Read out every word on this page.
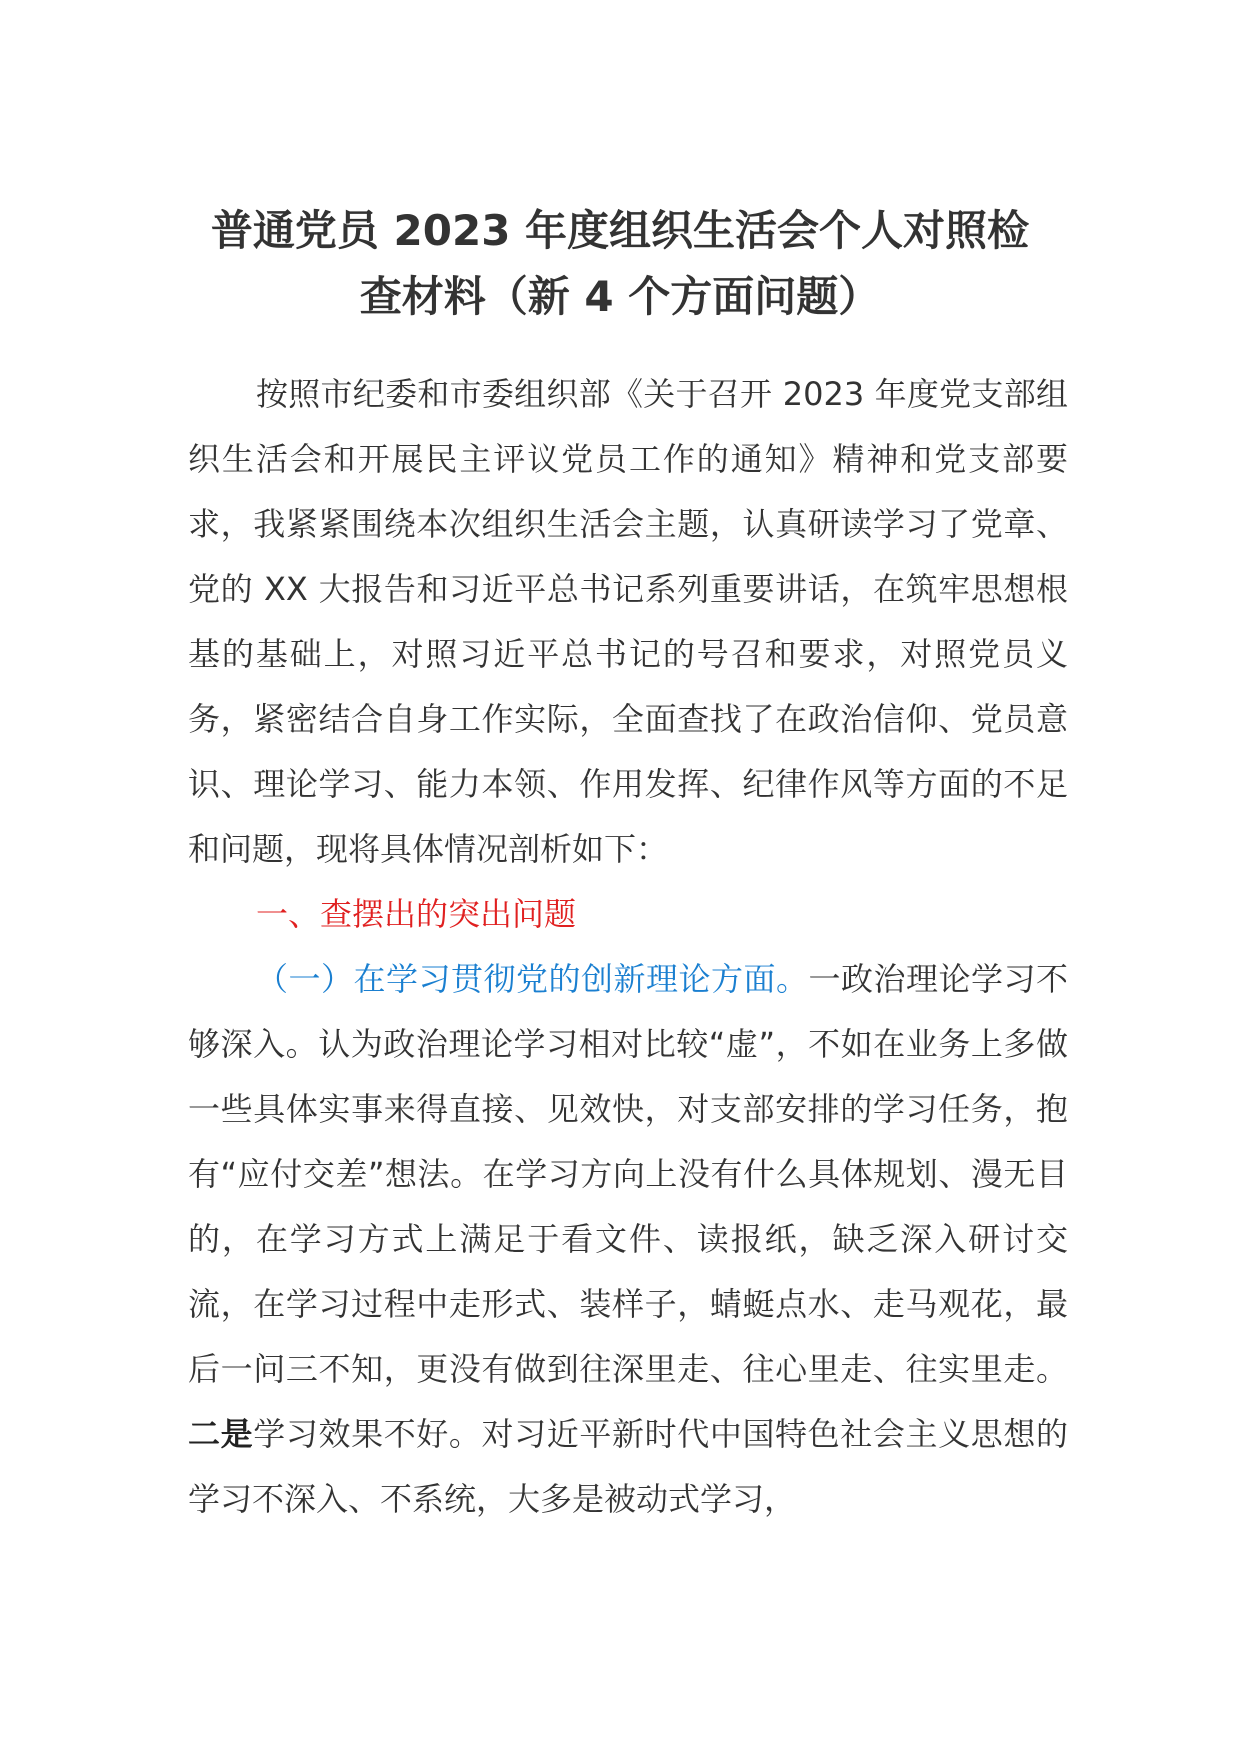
普通党员 2023 年度组织生活会个人对照检

查材料（新 4 个方面问题）

按照市纪委和市委组织部《关于召开 2023 年度党支部组织生活会和开展民主评议党员工作的通知》精神和党支部要求，我紧紧围绕本次组织生活会主题，认真研读学习了党章、党的 XX 大报告和习近平总书记系列重要讲话，在筑牢思想根基的基础上，对照习近平总书记的号召和要求，对照党员义务，紧密结合自身工作实际，全面查找了在政治信仰、党员意识、理论学习、能力本领、作用发挥、纪律作风等方面的不足和问题，现将具体情况剖析如下：

一、查摆出的突出问题

（一）在学习贯彻党的创新理论方面。一政治理论学习不够深入。认为政治理论学习相对比较“虚”，不如在业务上多做一些具体实事来得直接、见效快，对支部安排的学习任务，抱有“应付交差”想法。在学习方向上没有什么具体规划、漫无目的，在学习方式上满足于看文件、读报纸，缺乏深入研讨交流，在学习过程中走形式、装样子，蜻蜓点水、走马观花，最后一问三不知，更没有做到往深里走、往心里走、往实里走。二是学习效果不好。对习近平新时代中国特色社会主义思想的学习不深入、不系统，大多是被动式学习，
